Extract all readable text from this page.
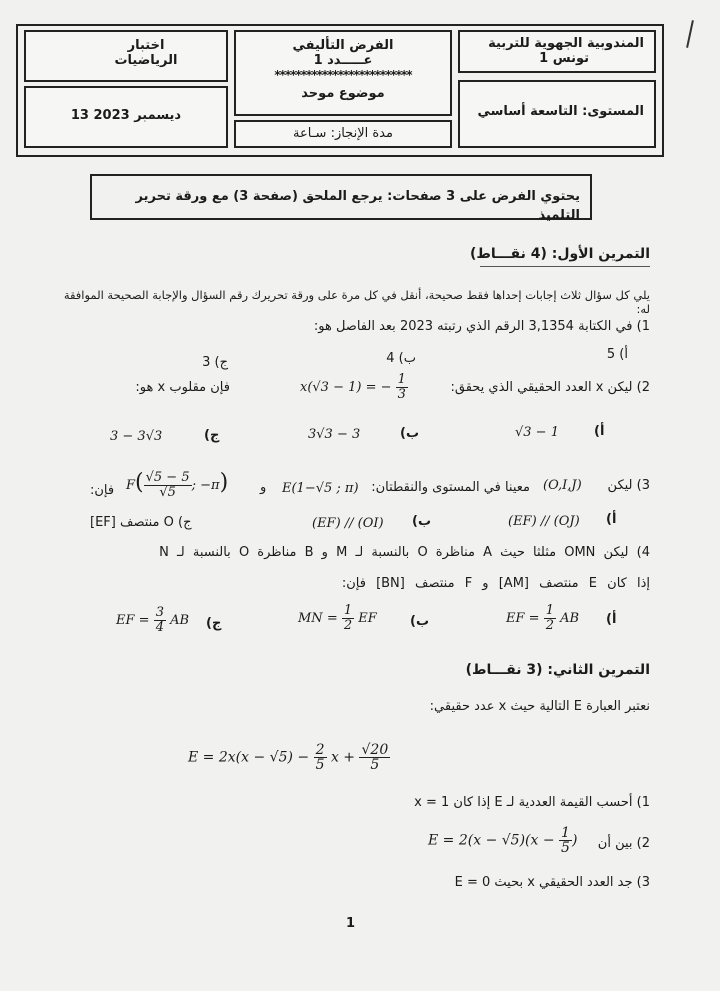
المندوبية الجهوية للتربية
تونس 1
المستوى: التاسعة أساسي
الفرض التأليفي
عـــــدد 1
**************************
موضوع موحد
مدة الإنجاز: سـاعة
اختبار
الرياضيات
13 ديسمبر 2023
يحتوي الفرض على 3 صفحات: يرجع الملحق (صفحة 3) مع ورقة تحرير التلميذ
التمرين الأول: (4 نقـــاط)
يلي كل سؤال ثلاث إجابات إحداها فقط صحيحة، أنقل في كل مرة على ورقة تحريرك رقم السؤال والإجابة الصحيحة الموافقة له:
1) في الكتابة 3,1354 الرقم الذي رتبته 2023 بعد الفاصل هو:
أ) 5
ب) 4
ج) 3
2) ليكن x العدد الحقيقي الذي يحقق:
x(√3 − 1) = − $\frac{1}{3}$
فإن مقلوب x هو:
أ)
√3 − 1
ب)
3√3 − 3
ج)
3 − 3√3
3) ليكن
(O,I,J)
معينا في المستوى والنقطتان:
E(1−√5 ; π)
و
$F( \frac{√5 - 5}{√5}$ ; −π)
فإن:
أ)
(EF) // (OJ)
ب)
(EF) // (OI)
ج) O منتصف [EF]
4) ليكن OMN مثلثا حيث A مناظرة O بالنسبة لـ M و B مناظرة O بالنسبة لـ N
إذا كان E منتصف [AM] و F منتصف [BN] فإن:
أ)
EF = $\frac{1}{2}$ AB
ب)
MN = $\frac{1}{2}$ EF
ج)
EF = $\frac{3}{4}$ AB
التمرين الثاني: (3 نقـــاط)
نعتبر العبارة E التالية حيث x عدد حقيقي:
$E = 2x(x - √5) - \frac{2}{5}$ $x + \frac{√20}{5}$
1) أحسب القيمة العددية لـ E إذا كان x = 1
2) بين أن
$E = 2(x - √5)(x - \frac{1}{5}$ )
3) جد العدد الحقيقي x بحيث E = 0
1
